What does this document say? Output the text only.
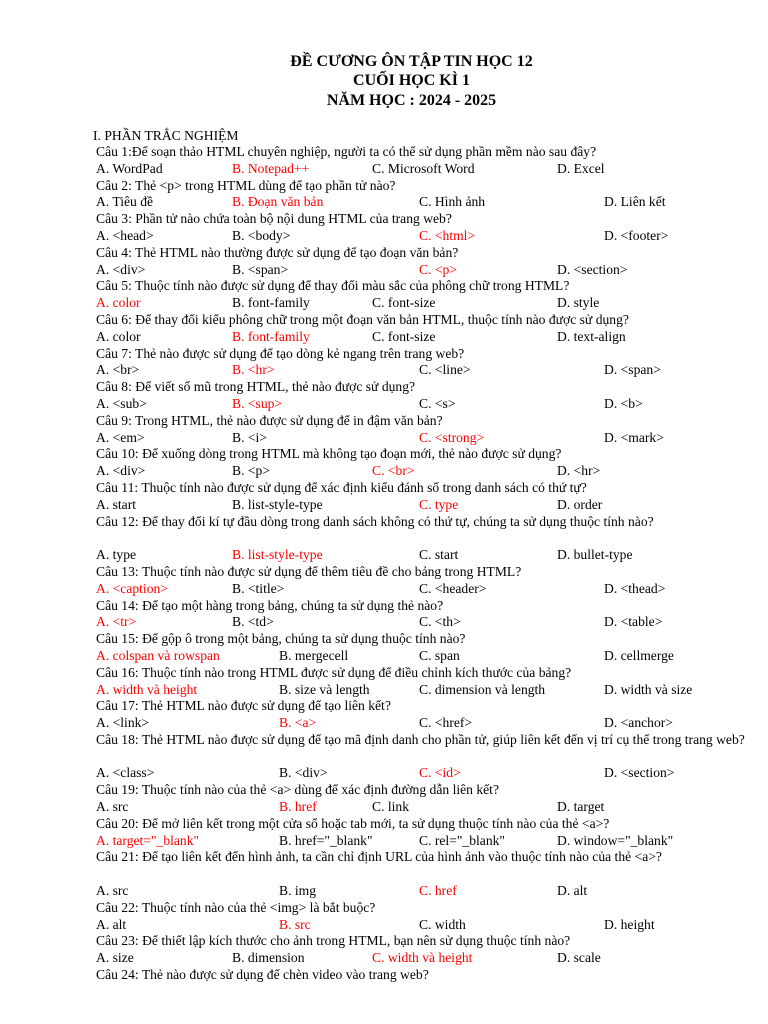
ĐỀ CƯƠNG ÔN TẬP TIN HỌC 12
CUỐI HỌC KÌ 1
NĂM HỌC : 2024 - 2025
I. PHẦN TRẮC NGHIỆM
Câu 1:Để soạn thảo HTML chuyên nghiệp, người ta có thể sử dụng phần mềm nào sau đây?
A. WordPad	B. Notepad++	C. Microsoft Word	D. Excel
Câu 2: Thẻ <p> trong HTML dùng để tạo phần tử nào?
A. Tiêu đề	B. Đoạn văn bản	C. Hình ảnh	D. Liên kết
Câu 3: Phần tử nào chứa toàn bộ nội dung HTML của trang web?
A. <head>	B. <body>	C. <html>	D. <footer>
Câu 4: Thẻ HTML nào thường được sử dụng để tạo đoạn văn bản?
A. <div>	B. <span>	C. <p>	D. <section>
Câu 5: Thuộc tính nào được sử dụng để thay đổi màu sắc của phông chữ trong HTML?
A. color	B. font-family	C. font-size	D. style
Câu 6: Để thay đổi kiểu phông chữ trong một đoạn văn bản HTML, thuộc tính nào được sử dụng?
A. color	B. font-family	C. font-size	D. text-align
Câu 7: Thẻ nào được sử dụng để tạo dòng kẻ ngang trên trang web?
A. <br>	B. <hr>	C. <line>	D. <span>
Câu 8: Để viết số mũ trong HTML, thẻ nào được sử dụng?
A. <sub>	B. <sup>	C. <s>	D. <b>
Câu 9: Trong HTML, thẻ nào được sử dụng để in đậm văn bản?
A. <em>	B. <i>	C. <strong>	D. <mark>
Câu 10: Để xuống dòng trong HTML mà không tạo đoạn mới, thẻ nào được sử dụng?
A. <div>	B. <p>	C. <br>	D. <hr>
Câu 11: Thuộc tính nào được sử dụng để xác định kiểu đánh số trong danh sách có thứ tự?
A. start	B. list-style-type	C. type	D. order
Câu 12: Để thay đổi kí tự đầu dòng trong danh sách không có thứ tự, chúng ta sử dụng thuộc tính nào?
A. type	B. list-style-type	C. start	D. bullet-type
Câu 13: Thuộc tính nào được sử dụng để thêm tiêu đề cho bảng trong HTML?
A. <caption>	B. <title>	C. <header>	D. <thead>
Câu 14: Để tạo một hàng trong bảng, chúng ta sử dụng thẻ nào?
A. <tr>	B. <td>	C. <th>	D. <table>
Câu 15: Để gộp ô trong một bảng, chúng ta sử dụng thuộc tính nào?
A. colspan và rowspan	B. mergecell	C. span	D. cellmerge
Câu 16: Thuộc tính nào trong HTML được sử dụng để điều chỉnh kích thước của bảng?
A. width và height	B. size và length	C. dimension và length	D. width và size
Câu 17: Thẻ HTML nào được sử dụng để tạo liên kết?
A. <link>	B. <a>	C. <href>	D. <anchor>
Câu 18: Thẻ HTML nào được sử dụng để tạo mã định danh cho phần tử, giúp liên kết đến vị trí cụ thể trong trang web?
A. <class>	B. <div>	C. <id>	D. <section>
Câu 19: Thuộc tính nào của thẻ <a> dùng để xác định đường dẫn liên kết?
A. src	B. href	C. link	D. target
Câu 20: Để mở liên kết trong một cửa sổ hoặc tab mới, ta sử dụng thuộc tính nào của thẻ <a>?
A. target="_blank"	B. href="_blank"	C. rel="_blank"	D. window="_blank"
Câu 21: Để tạo liên kết đến hình ảnh, ta cần chỉ định URL của hình ảnh vào thuộc tính nào của thẻ <a>?
A. src	B. img	C. href	D. alt
Câu 22: Thuộc tính nào của thẻ <img> là bắt buộc?
A. alt	B. src	C. width	D. height
Câu 23: Để thiết lập kích thước cho ảnh trong HTML, bạn nên sử dụng thuộc tính nào?
A. size	B. dimension	C. width và height	D. scale
Câu 24: Thẻ nào được sử dụng để chèn video vào trang web?
